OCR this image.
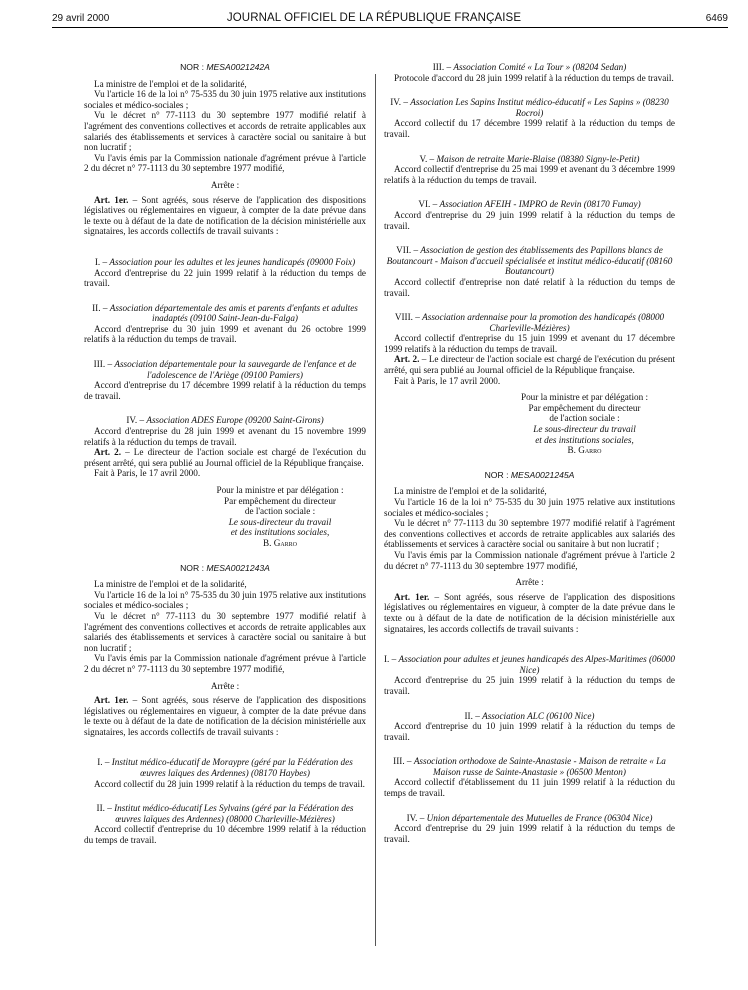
29 avril 2000	JOURNAL OFFICIEL DE LA RÉPUBLIQUE FRANÇAISE	6469

NOR : MESA0021242A

La ministre de l'emploi et de la solidarité,

Vu l'article 16 de la loi n° 75-535 du 30 juin 1975 relative aux institutions sociales et médico-sociales ;

Vu le décret n° 77-1113 du 30 septembre 1977 modifié relatif à l'agrément des conventions collectives et accords de retraite applicables aux salariés des établissements et services à caractère social ou sanitaire à but non lucratif ;

Vu l'avis émis par la Commission nationale d'agrément prévue à l'article 2 du décret n° 77-1113 du 30 septembre 1977 modifié,

Arrête :

Art. 1er. – Sont agréés, sous réserve de l'application des dispositions législatives ou réglementaires en vigueur, à compter de la date prévue dans le texte ou à défaut de la date de notification de la décision ministérielle aux signataires, les accords collectifs de travail suivants :

I. – Association pour les adultes et les jeunes handicapés (09000 Foix)

Accord d'entreprise du 22 juin 1999 relatif à la réduction du temps de travail.

II. – Association départementale des amis et parents d'enfants et adultes inadaptés (09100 Saint-Jean-du-Falga)

Accord d'entreprise du 30 juin 1999 et avenant du 26 octobre 1999 relatifs à la réduction du temps de travail.

III. – Association départementale pour la sauvegarde de l'enfance et de l'adolescence de l'Ariège (09100 Pamiers)

Accord d'entreprise du 17 décembre 1999 relatif à la réduction du temps de travail.

IV. – Association ADES Europe (09200 Saint-Girons)

Accord d'entreprise du 28 juin 1999 et avenant du 15 novembre 1999 relatifs à la réduction du temps de travail.

Art. 2. – Le directeur de l'action sociale est chargé de l'exécution du présent arrêté, qui sera publié au Journal officiel de la République française.

Fait à Paris, le 17 avril 2000.

Pour la ministre et par délégation :

Par empêchement du directeur

de l'action sociale :

Le sous-directeur du travail

et des institutions sociales,

B. Garro

NOR : MESA0021243A

La ministre de l'emploi et de la solidarité,

Vu l'article 16 de la loi n° 75-535 du 30 juin 1975 relative aux institutions sociales et médico-sociales ;

Vu le décret n° 77-1113 du 30 septembre 1977 modifié relatif à l'agrément des conventions collectives et accords de retraite applicables aux salariés des établissements et services à caractère social ou sanitaire à but non lucratif ;

Vu l'avis émis par la Commission nationale d'agrément prévue à l'article 2 du décret n° 77-1113 du 30 septembre 1977 modifié,

Arrête :

Art. 1er. – Sont agréés, sous réserve de l'application des dispositions législatives ou réglementaires en vigueur, à compter de la date prévue dans le texte ou à défaut de la date de notification de la décision ministérielle aux signataires, les accords collectifs de travail suivants :

I. – Institut médico-éducatif de Moraypre (géré par la Fédération des œuvres laïques des Ardennes) (08170 Haybes)

Accord collectif du 28 juin 1999 relatif à la réduction du temps de travail.

II. – Institut médico-éducatif Les Sylvains (géré par la Fédération des œuvres laïques des Ardennes) (08000 Charleville-Mézières)

Accord collectif d'entreprise du 10 décembre 1999 relatif à la réduction du temps de travail.

III. – Association Comité « La Tour » (08204 Sedan)

Protocole d'accord du 28 juin 1999 relatif à la réduction du temps de travail.

IV. – Association Les Sapins Institut médico-éducatif « Les Sapins » (08230 Rocroi)

Accord collectif du 17 décembre 1999 relatif à la réduction du temps de travail.

V. – Maison de retraite Marie-Blaise (08380 Signy-le-Petit)

Accord collectif d'entreprise du 25 mai 1999 et avenant du 3 décembre 1999 relatifs à la réduction du temps de travail.

VI. – Association AFEIH - IMPRO de Revin (08170 Fumay)

Accord d'entreprise du 29 juin 1999 relatif à la réduction du temps de travail.

VII. – Association de gestion des établissements des Papillons blancs de Boutancourt - Maison d'accueil spécialisée et institut médico-éducatif (08160 Boutancourt)

Accord collectif d'entreprise non daté relatif à la réduction du temps de travail.

VIII. – Association ardennaise pour la promotion des handicapés (08000 Charleville-Mézières)

Accord collectif d'entreprise du 15 juin 1999 et avenant du 17 décembre 1999 relatifs à la réduction du temps de travail.

Art. 2. – Le directeur de l'action sociale est chargé de l'exécution du présent arrêté, qui sera publié au Journal officiel de la République française.

Fait à Paris, le 17 avril 2000.

Pour la ministre et par délégation :

Par empêchement du directeur

de l'action sociale :

Le sous-directeur du travail

et des institutions sociales,

B. Garro

NOR : MESA0021245A

La ministre de l'emploi et de la solidarité,

Vu l'article 16 de la loi n° 75-535 du 30 juin 1975 relative aux institutions sociales et médico-sociales ;

Vu le décret n° 77-1113 du 30 septembre 1977 modifié relatif à l'agrément des conventions collectives et accords de retraite applicables aux salariés des établissements et services à caractère social ou sanitaire à but non lucratif ;

Vu l'avis émis par la Commission nationale d'agrément prévue à l'article 2 du décret n° 77-1113 du 30 septembre 1977 modifié,

Arrête :

Art. 1er. – Sont agréés, sous réserve de l'application des dispositions législatives ou réglementaires en vigueur, à compter de la date prévue dans le texte ou à défaut de la date de notification de la décision ministérielle aux signataires, les accords collectifs de travail suivants :

I. – Association pour adultes et jeunes handicapés des Alpes-Maritimes (06000 Nice)

Accord d'entreprise du 25 juin 1999 relatif à la réduction du temps de travail.

II. – Association ALC (06100 Nice)

Accord d'entreprise du 10 juin 1999 relatif à la réduction du temps de travail.

III. – Association orthodoxe de Sainte-Anastasie - Maison de retraite « La Maison russe de Sainte-Anastasie » (06500 Menton)

Accord collectif d'établissement du 11 juin 1999 relatif à la réduction du temps de travail.

IV. – Union départementale des Mutuelles de France (06304 Nice)

Accord d'entreprise du 29 juin 1999 relatif à la réduction du temps de travail.
